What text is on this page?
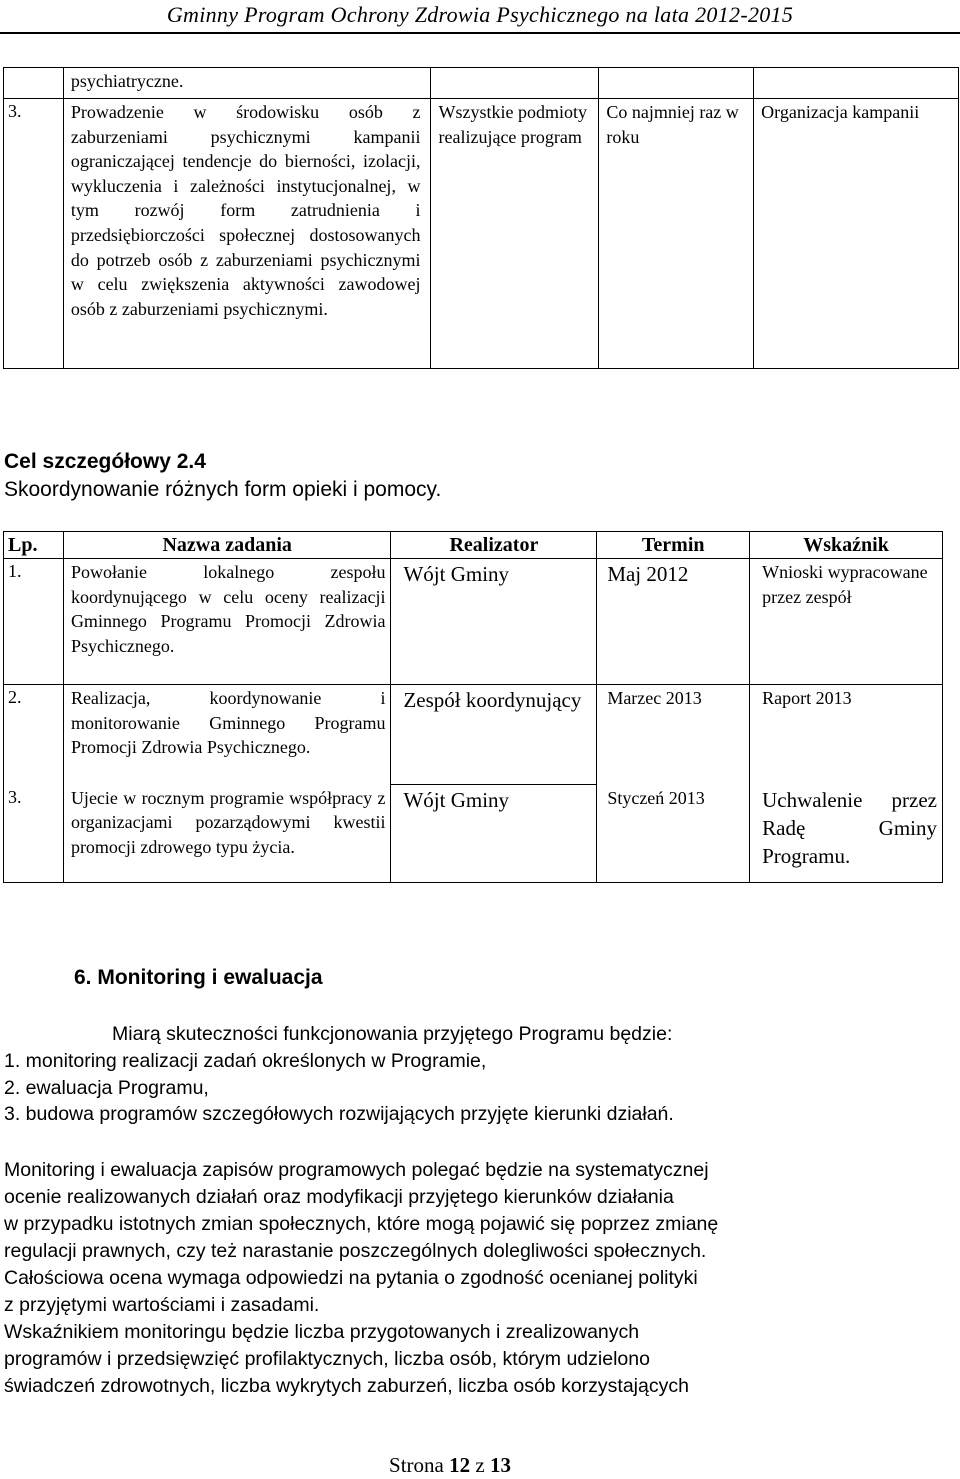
Gminny Program Ochrony Zdrowia Psychicznego na lata 2012-2015
	psychiatryczne.			
3.	Prowadzenie w środowisku osób z zaburzeniami psychicznymi kampanii ograniczającej tendencje do bierności, izolacji, wykluczenia i zależności instytucjonalnej, w tym rozwój form zatrudnienia i przedsiębiorczości społecznej dostosowanych do potrzeb osób z zaburzeniami psychicznymi w celu zwiększenia aktywności zawodowej osób z zaburzeniami psychicznymi.	Wszystkie podmioty realizujące program	Co najmniej raz w roku	Organizacja kampanii
Cel szczegółowy 2.4
Skoordynowanie różnych form opieki i pomocy.
Lp.	Nazwa zadania	Realizator	Termin	Wskaźnik
1.	Powołanie lokalnego zespołu koordynującego w celu oceny realizacji Gminnego Programu Promocji Zdrowia Psychicznego.	Wójt Gminy	Maj 2012	Wnioski wypracowane przez zespół
2.	Realizacja, koordynowanie i monitorowanie Gminnego Programu Promocji Zdrowia Psychicznego.	Zespół koordynujący	Marzec 2013	Raport 2013
3.	Ujecie w rocznym programie współpracy z organizacjami pozarządowymi kwestii promocji zdrowego typu życia.	Wójt Gminy	Styczeń 2013	Uchwalenie przez Radę Gminy Programu.
6. Monitoring i ewaluacja
Miarą skuteczności funkcjonowania przyjętego Programu będzie:
1. monitoring realizacji zadań określonych w Programie,
2. ewaluacja Programu,
3. budowa programów szczegółowych rozwijających przyjęte kierunki działań.
Monitoring i ewaluacja zapisów programowych polegać będzie na systematycznej
ocenie realizowanych działań oraz modyfikacji przyjętego kierunków działania
w przypadku istotnych zmian społecznych, które mogą pojawić się poprzez zmianę
regulacji prawnych, czy też narastanie poszczególnych dolegliwości społecznych.
Całościowa ocena wymaga odpowiedzi na pytania o zgodność ocenianej polityki
z przyjętymi wartościami i zasadami.
Wskaźnikiem monitoringu będzie liczba przygotowanych i zrealizowanych
programów i przedsięwzięć profilaktycznych, liczba osób, którym udzielono
świadczeń zdrowotnych, liczba wykrytych zaburzeń, liczba osób korzystających
Strona 12 z 13
